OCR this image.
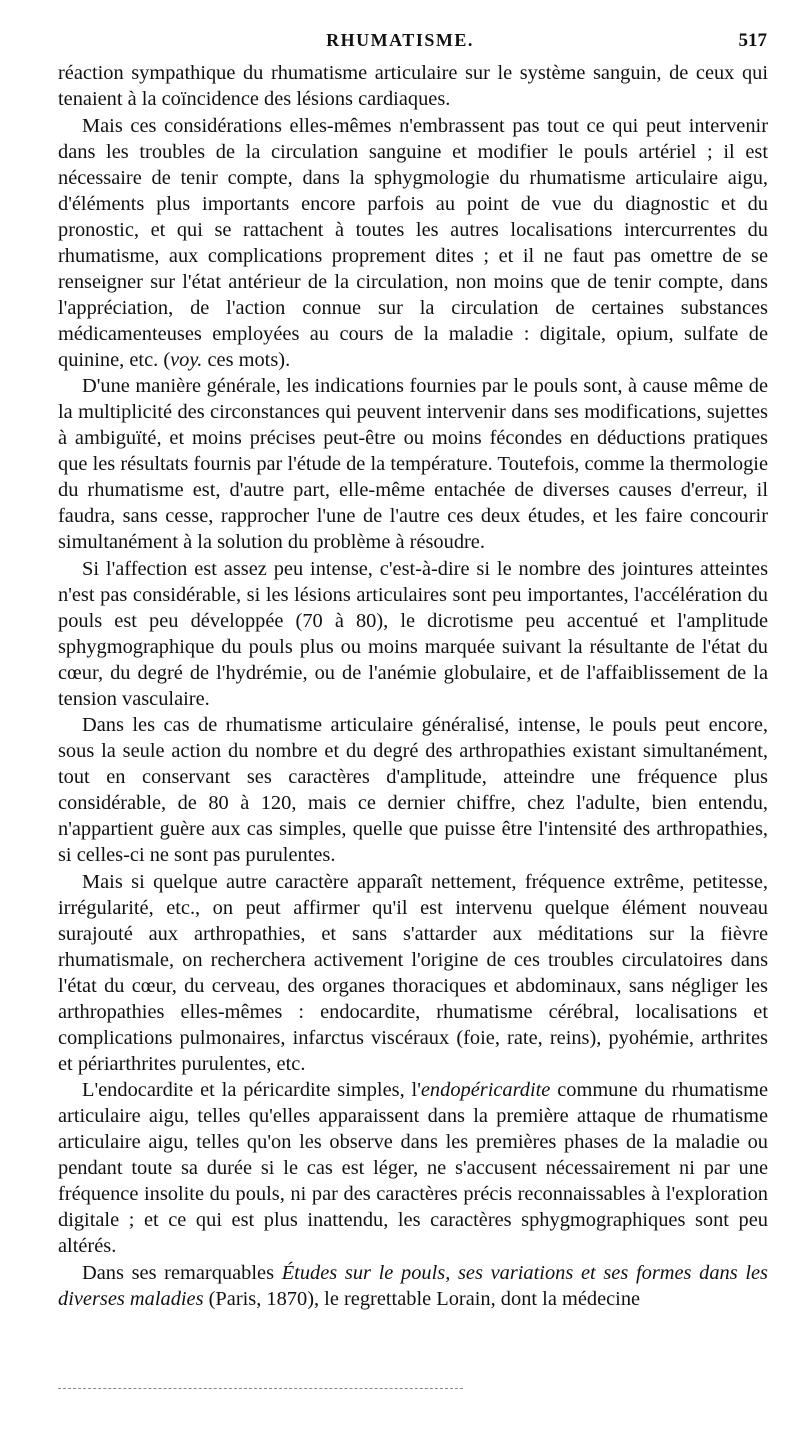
RHUMATISME.	517

réaction sympathique du rhumatisme articulaire sur le système sanguin, de ceux qui tenaient à la coïncidence des lésions cardiaques.

Mais ces considérations elles-mêmes n'embrassent pas tout ce qui peut intervenir dans les troubles de la circulation sanguine et modifier le pouls artériel ; il est nécessaire de tenir compte, dans la sphygmologie du rhumatisme articulaire aigu, d'éléments plus importants encore parfois au point de vue du diagnostic et du pronostic, et qui se rattachent à toutes les autres localisations intercurrentes du rhumatisme, aux complications proprement dites ; et il ne faut pas omettre de se renseigner sur l'état antérieur de la circulation, non moins que de tenir compte, dans l'appréciation, de l'action connue sur la circulation de certaines substances médicamenteuses employées au cours de la maladie : digitale, opium, sulfate de quinine, etc. (voy. ces mots).

D'une manière générale, les indications fournies par le pouls sont, à cause même de la multiplicité des circonstances qui peuvent intervenir dans ses modifications, sujettes à ambiguïté, et moins précises peut-être ou moins fécondes en déductions pratiques que les résultats fournis par l'étude de la température. Toutefois, comme la thermologie du rhumatisme est, d'autre part, elle-même entachée de diverses causes d'erreur, il faudra, sans cesse, rapprocher l'une de l'autre ces deux études, et les faire concourir simultanément à la solution du problème à résoudre.

Si l'affection est assez peu intense, c'est-à-dire si le nombre des jointures atteintes n'est pas considérable, si les lésions articulaires sont peu importantes, l'accélération du pouls est peu développée (70 à 80), le dicrotisme peu accentué et l'amplitude sphygmographique du pouls plus ou moins marquée suivant la résultante de l'état du cœur, du degré de l'hydrémie, ou de l'anémie globulaire, et de l'affaiblissement de la tension vasculaire.

Dans les cas de rhumatisme articulaire généralisé, intense, le pouls peut encore, sous la seule action du nombre et du degré des arthropathies existant simultanément, tout en conservant ses caractères d'amplitude, atteindre une fréquence plus considérable, de 80 à 120, mais ce dernier chiffre, chez l'adulte, bien entendu, n'appartient guère aux cas simples, quelle que puisse être l'intensité des arthropathies, si celles-ci ne sont pas purulentes.

Mais si quelque autre caractère apparaît nettement, fréquence extrême, petitesse, irrégularité, etc., on peut affirmer qu'il est intervenu quelque élément nouveau surajouté aux arthropathies, et sans s'attarder aux méditations sur la fièvre rhumatismale, on recherchera activement l'origine de ces troubles circulatoires dans l'état du cœur, du cerveau, des organes thoraciques et abdominaux, sans négliger les arthropathies elles-mêmes : endocardite, rhumatisme cérébral, localisations et complications pulmonaires, infarctus viscéraux (foie, rate, reins), pyohémie, arthrites et périarthrites purulentes, etc.

L'endocardite et la péricardite simples, l'endopéricardite commune du rhumatisme articulaire aigu, telles qu'elles apparaissent dans la première attaque de rhumatisme articulaire aigu, telles qu'on les observe dans les premières phases de la maladie ou pendant toute sa durée si le cas est léger, ne s'accusent nécessairement ni par une fréquence insolite du pouls, ni par des caractères précis reconnaissables à l'exploration digitale ; et ce qui est plus inattendu, les caractères sphygmographiques sont peu altérés.

Dans ses remarquables Études sur le pouls, ses variations et ses formes dans les diverses maladies (Paris, 1870), le regrettable Lorain, dont la médecine
